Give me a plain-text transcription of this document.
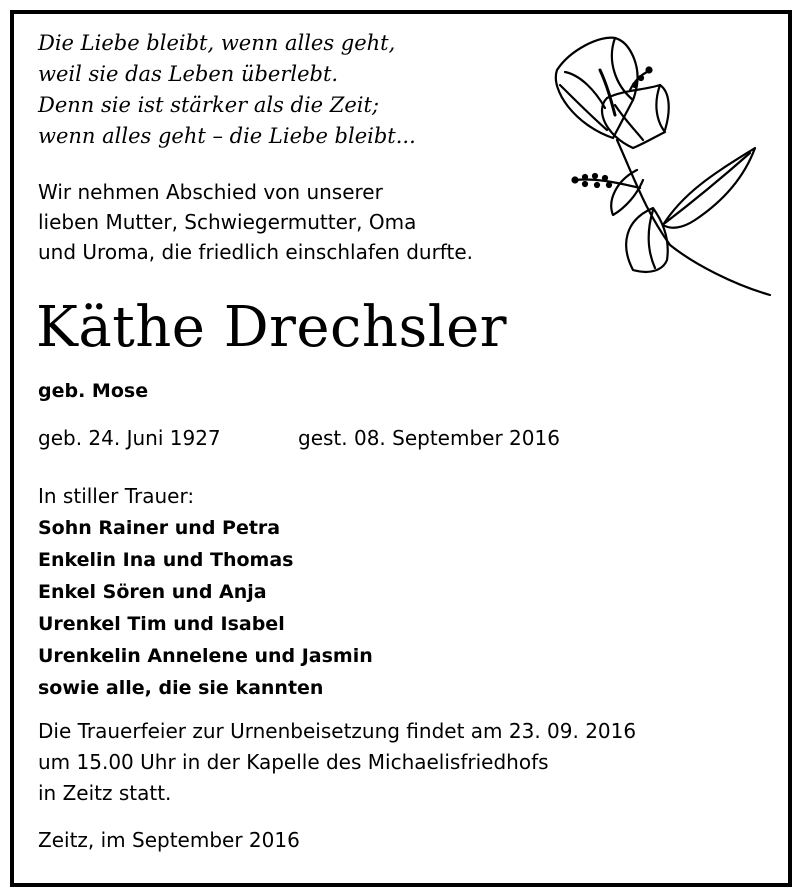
Die Liebe bleibt, wenn alles geht,
weil sie das Leben überlebt.
Denn sie ist stärker als die Zeit;
wenn alles geht – die Liebe bleibt...
Wir nehmen Abschied von unserer
lieben Mutter, Schwiegermutter, Oma
und Uroma, die friedlich einschlafen durfte.
Käthe Drechsler
geb. Mose
geb. 24. Juni 1927	gest. 08. September 2016
In stiller Trauer:
Sohn Rainer und Petra
Enkelin Ina und Thomas
Enkel Sören und Anja
Urenkel Tim und Isabel
Urenkelin Annelene und Jasmin
sowie alle, die sie kannten
Die Trauerfeier zur Urnenbeisetzung findet am 23. 09. 2016
um 15.00 Uhr in der Kapelle des Michaelisfriedhofs
in Zeitz statt.
Zeitz, im September 2016
